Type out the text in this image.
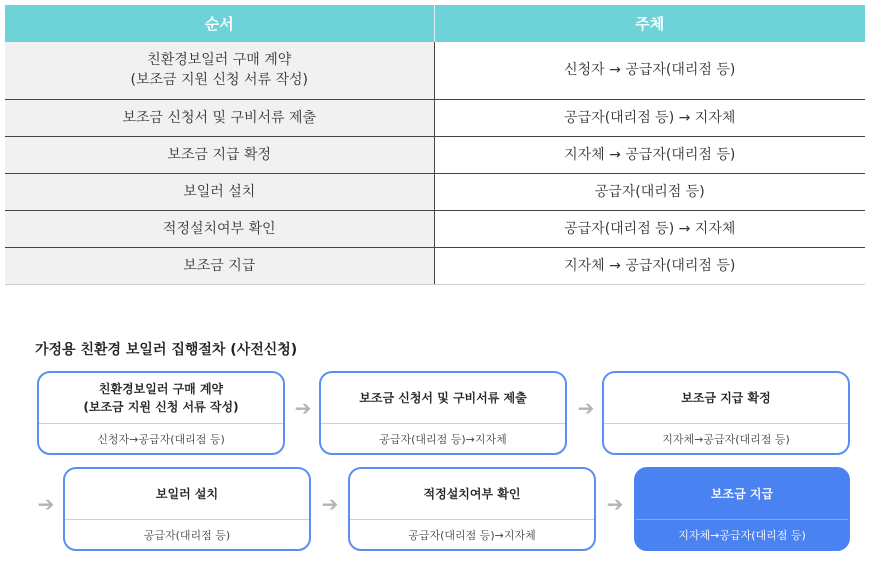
순서	주체

친환경보일러 구매 계약
(보조금 지원 신청 서류 작성)	신청자 → 공급자(대리점 등)
보조금 신청서 및 구비서류 제출	공급자(대리점 등) → 지자체
보조금 지급 확정	지자체 → 공급자(대리점 등)
보일러 설치	공급자(대리점 등)
적정설치여부 확인	공급자(대리점 등) → 지자체
보조금 지급	지자체 → 공급자(대리점 등)
가정용 친환경 보일러 집행절차 (사전신청)
친환경보일러 구매 계약
(보조금 지원 신청 서류 작성)
신청자→공급자(대리점 등)
➔	보조금 신청서 및 구비서류 제출
공급자(대리점 등)→지자체
➔	보조금 지급 확정
지자체→공급자(대리점 등)
➔	보일러 설치
공급자(대리점 등)
➔	적정설치여부 확인
공급자(대리점 등)→지자체
➔	보조금 지급
지자체→공급자(대리점 등)
